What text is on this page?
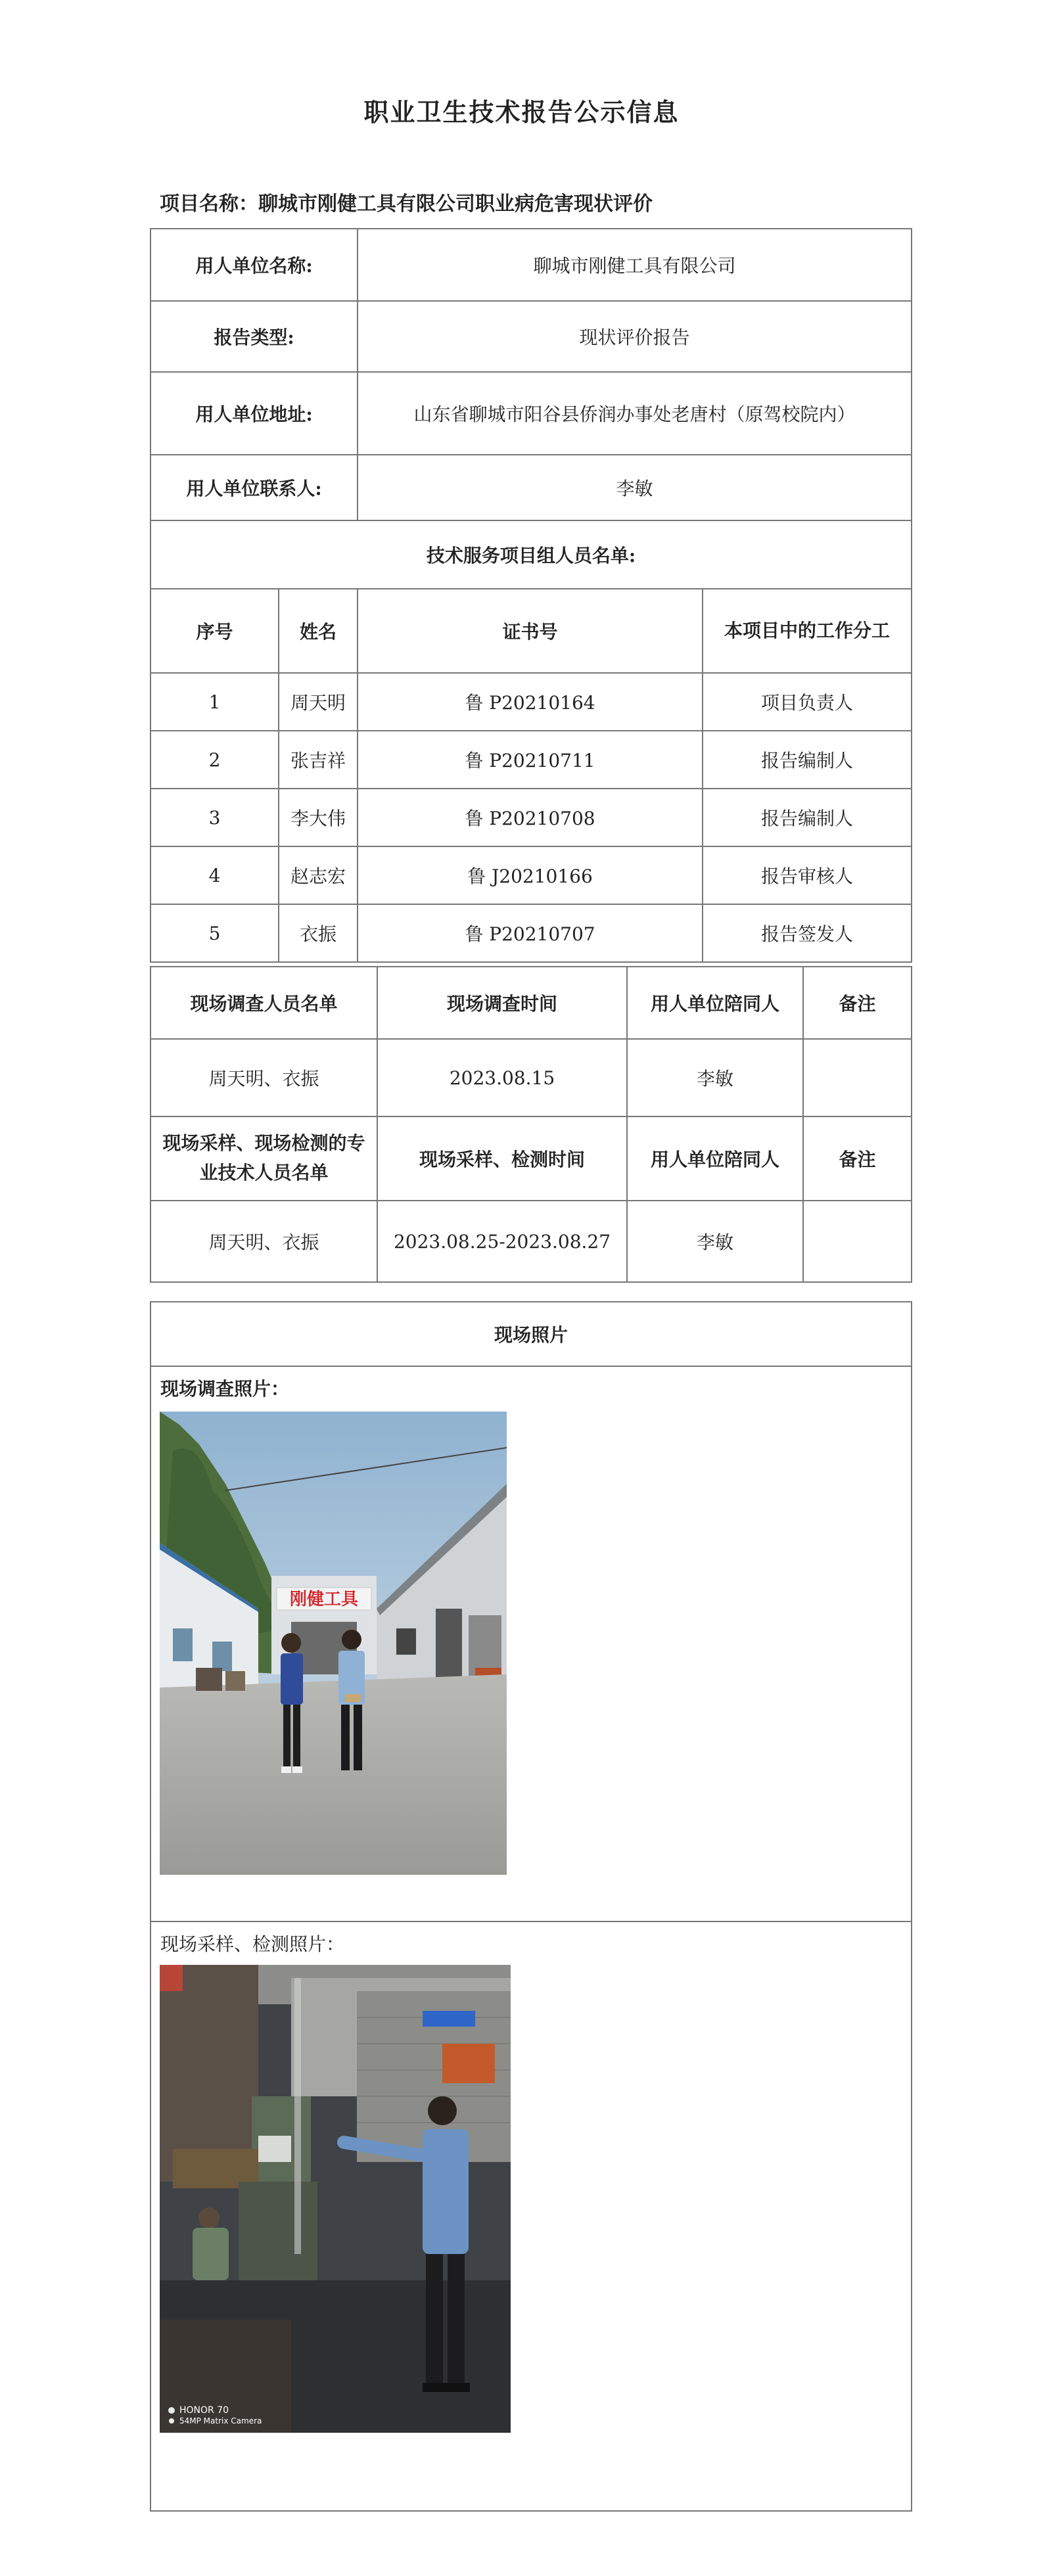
职业卫生技术报告公示信息
项目名称：聊城市刚健工具有限公司职业病危害现状评价
用人单位名称:		聊城市刚健工具有限公司	
报告类型:		现状评价报告	
用人单位地址:		山东省聊城市阳谷县侨润办事处老唐村（原驾校院内）	
用人单位联系人:		李敏	
技术服务项目组人员名单:			
序号	姓名	证书号	本项目中的工作分工
1	周天明	鲁 P20210164	项目负责人
2	张吉祥	鲁 P20210711	报告编制人
3	李大伟	鲁 P20210708	报告编制人
4	赵志宏	鲁 J20210166	报告审核人
5	衣振	鲁 P20210707	报告签发人
现场调查人员名单	现场调查时间	用人单位陪同人	备注
周天明、衣振	2023.08.15	李敏	
现场采样、现场检测的专业技术人员名单	现场采样、检测时间	用人单位陪同人	备注
周天明、衣振	2023.08.25-2023.08.27	李敏	
现场照片
现场调查照片：
现场采样、检测照片：
刚健工具
HONOR 70
54MP Matrix Camera
